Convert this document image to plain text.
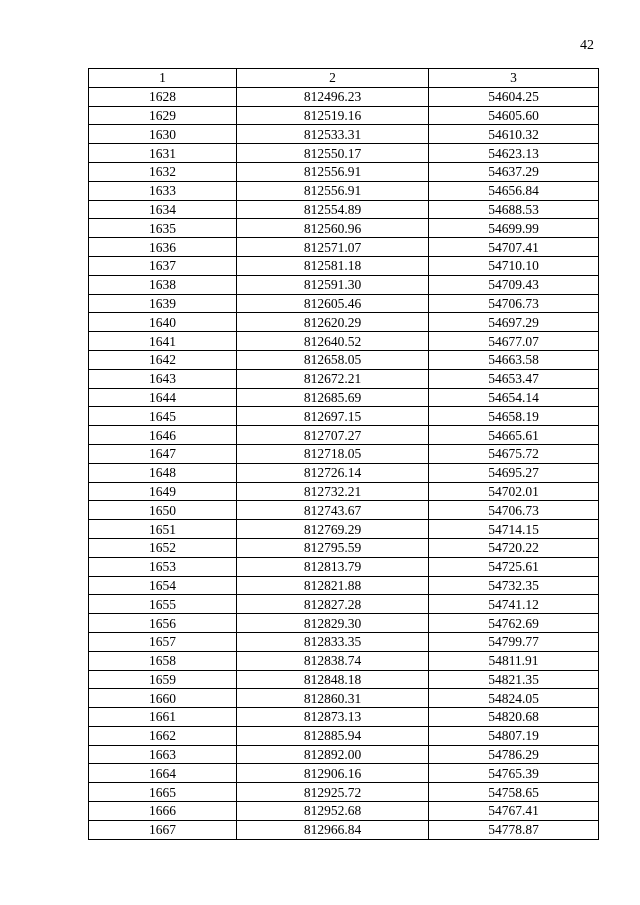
42
1	2	3
1628	812496.23	54604.25
1629	812519.16	54605.60
1630	812533.31	54610.32
1631	812550.17	54623.13
1632	812556.91	54637.29
1633	812556.91	54656.84
1634	812554.89	54688.53
1635	812560.96	54699.99
1636	812571.07	54707.41
1637	812581.18	54710.10
1638	812591.30	54709.43
1639	812605.46	54706.73
1640	812620.29	54697.29
1641	812640.52	54677.07
1642	812658.05	54663.58
1643	812672.21	54653.47
1644	812685.69	54654.14
1645	812697.15	54658.19
1646	812707.27	54665.61
1647	812718.05	54675.72
1648	812726.14	54695.27
1649	812732.21	54702.01
1650	812743.67	54706.73
1651	812769.29	54714.15
1652	812795.59	54720.22
1653	812813.79	54725.61
1654	812821.88	54732.35
1655	812827.28	54741.12
1656	812829.30	54762.69
1657	812833.35	54799.77
1658	812838.74	54811.91
1659	812848.18	54821.35
1660	812860.31	54824.05
1661	812873.13	54820.68
1662	812885.94	54807.19
1663	812892.00	54786.29
1664	812906.16	54765.39
1665	812925.72	54758.65
1666	812952.68	54767.41
1667	812966.84	54778.87
